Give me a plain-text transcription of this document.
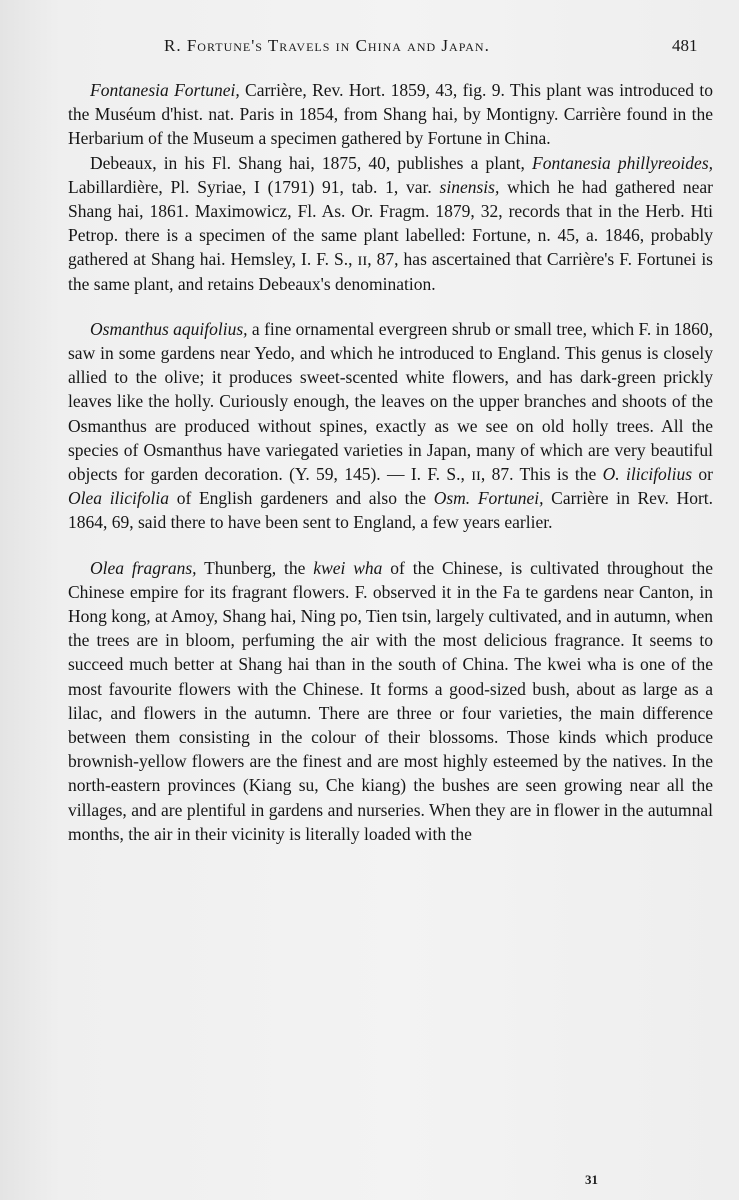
R. Fortune's Travels in China and Japan.	481

Fontanesia Fortunei, Carrière, Rev. Hort. 1859, 43, fig. 9. This plant was introduced to the Muséum d'hist. nat. Paris in 1854, from Shang hai, by Montigny. Carrière found in the Herbarium of the Museum a specimen gathered by Fortune in China.

Debeaux, in his Fl. Shang hai, 1875, 40, publishes a plant, Fontanesia phillyreoides, Labillardière, Pl. Syriae, I (1791) 91, tab. 1, var. sinensis, which he had gathered near Shang hai, 1861. Maximowicz, Fl. As. Or. Fragm. 1879, 32, records that in the Herb. Hti Petrop. there is a specimen of the same plant labelled: Fortune, n. 45, a. 1846, probably gathered at Shang hai. Hemsley, I. F. S., ɪɪ, 87, has ascertained that Carrière's F. Fortunei is the same plant, and retains Debeaux's denomination.

Osmanthus aquifolius, a fine ornamental evergreen shrub or small tree, which F. in 1860, saw in some gardens near Yedo, and which he introduced to England. This genus is closely allied to the olive; it produces sweet-scented white flowers, and has dark-green prickly leaves like the holly. Curiously enough, the leaves on the upper branches and shoots of the Osmanthus are produced without spines, exactly as we see on old holly trees. All the species of Osmanthus have variegated varieties in Japan, many of which are very beautiful objects for garden decoration. (Y. 59, 145). — I. F. S., ɪɪ, 87. This is the O. ilicifolius or Olea ilicifolia of English gardeners and also the Osm. Fortunei, Carrière in Rev. Hort. 1864, 69, said there to have been sent to England, a few years earlier.

Olea fragrans, Thunberg, the kwei wha of the Chinese, is cultivated throughout the Chinese empire for its fragrant flowers. F. observed it in the Fa te gardens near Canton, in Hong kong, at Amoy, Shang hai, Ning po, Tien tsin, largely cultivated, and in autumn, when the trees are in bloom, perfuming the air with the most delicious fragrance. It seems to succeed much better at Shang hai than in the south of China. The kwei wha is one of the most favourite flowers with the Chinese. It forms a good-sized bush, about as large as a lilac, and flowers in the autumn. There are three or four varieties, the main difference between them consisting in the colour of their blossoms. Those kinds which produce brownish-yellow flowers are the finest and are most highly esteemed by the natives. In the north-eastern provinces (Kiang su, Che kiang) the bushes are seen growing near all the villages, and are plentiful in gardens and nurseries. When they are in flower in the autumnal months, the air in their vicinity is literally loaded with the

31
